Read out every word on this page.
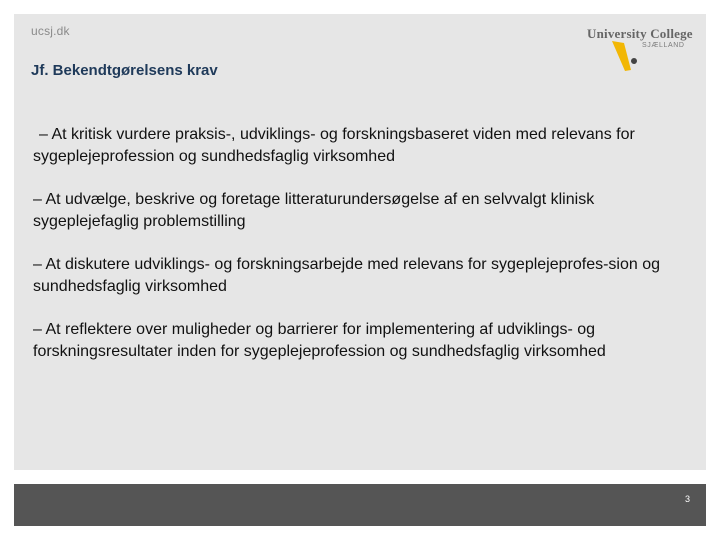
ucsj.dk	University College
SJÆLLAND
Jf. Bekendtgørelsens krav

– At kritisk vurdere praksis-, udviklings- og forskningsbaseret viden med relevans for sygeplejeprofession og sundhedsfaglig virksomhed

– At udvælge, beskrive og foretage litteraturundersøgelse af en selvvalgt klinisk sygeplejefaglig problemstilling

– At diskutere udviklings- og forskningsarbejde med relevans for sygeplejeprofes-sion og sundhedsfaglig virksomhed

– At reflektere over muligheder og barrierer for implementering af udviklings- og forskningsresultater inden for sygeplejeprofession og sundhedsfaglig virksomhed

3
